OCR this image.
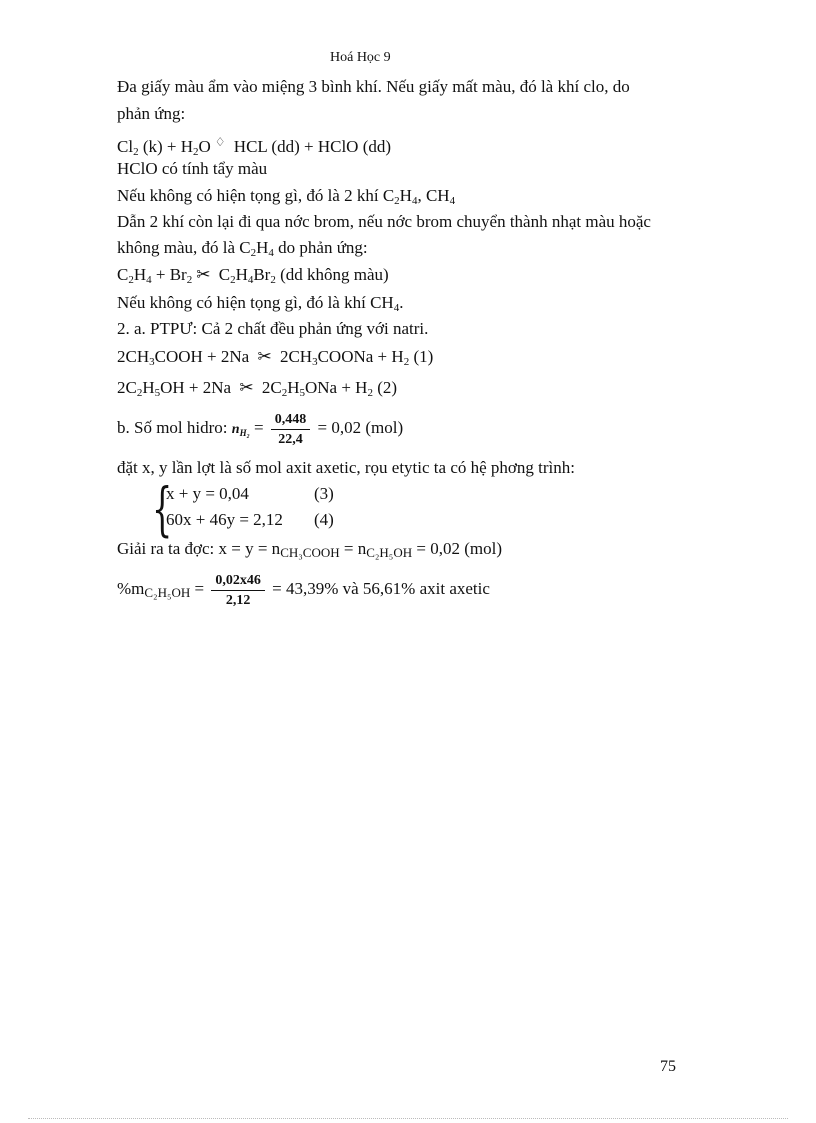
Hoá Học 9
Đa giấy màu ẩm vào miệng 3 bình khí. Nếu giấy mất màu, đó là khí clo, do
phản ứng:
$Cl_2$ $(k) + H_2O$ ♢ HCL (dd) + HClO (dd)
HClO có tính tẩy màu
Nếu không có hiện tọng gì, đó là 2 khí $C_2H_4$, $CH_4$
Dẫn 2 khí còn lại đi qua nớc brom, nếu nớc brom chuyển thành nhạt màu hoặc
không màu, đó là $C_2H_4$ do phản ứng:
$C_2H_4 + Br_2$ ✂ $C_2H_4Br_2$ (dd không màu)
Nếu không có hiện tọng gì, đó là khí $CH_4$.
2. a. PTPƯ: Cả 2 chất đều phản ứng với natri.
$2CH_3COOH + 2Na$ ✂ $2CH_3COONa + H_2$ (1)
$2C_2H_5OH + 2Na$ ✂ $2C_2H_5ONa + H_2$ (2)
b. Số mol hidro: $n_{H_2} = \frac{0,448}{22,4} = 0,02$ (mol)
đặt x, y lần lợt là số mol axit axetic, rọu etytic ta có hệ phơng trình:
{
x + y = 0,04	(3)
60x + 46y = 2,12 (4)
Giải ra ta đợc: $x = y = n_{CH_3COOH} = n_{C_2H_5OH} = 0,02$ (mol)
$\%m_{C_2H_5OH} = \frac{0,02x46}{2,12} = 43,39\%$ và 56,61% axit axetic
75
